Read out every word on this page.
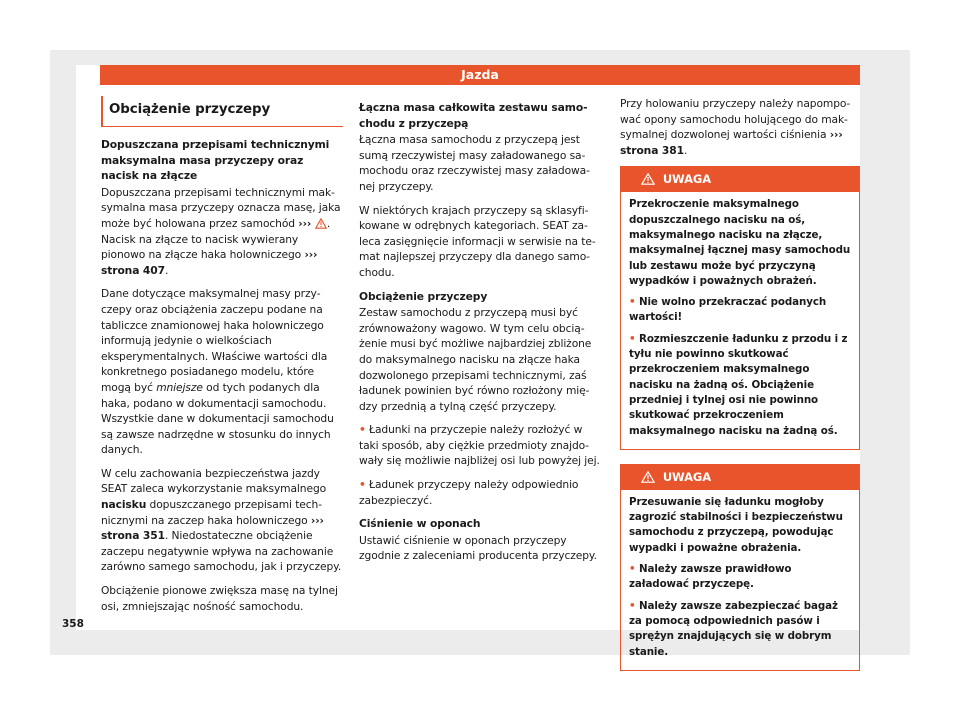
Jazda
358
Obciążenie przyczepy
Dopuszczana przepisami technicznymi maksymalna masa przyczepy oraz nacisk na złącze

Dopuszczana przepisami technicznymi maksymalna masa przyczepy oznacza masę, jaka może być holowana przez samochód ››› . Nacisk na złącze to nacisk wywierany pionowo na złącze haka holowniczego ››› strona 407.

Dane dotyczące maksymalnej masy przyczepy oraz obciążenia zaczepu podane na tabliczce znamionowej haka holowniczego informują jedynie o wielkościach eksperymentalnych. Właściwe wartości dla konkretnego posiadanego modelu, które mogą być mniejsze od tych podanych dla haka, podano w dokumentacji samochodu. Wszystkie dane w dokumentacji samochodu są zawsze nadrzędne w stosunku do innych danych.

W celu zachowania bezpieczeństwa jazdy SEAT zaleca wykorzystanie maksymalnego nacisku dopuszczanego przepisami technicznymi na zaczep haka holowniczego ››› strona 351. Niedostateczne obciążenie zaczepu negatywnie wpływa na zachowanie zarówno samego samochodu, jak i przyczepy.

Obciążenie pionowe zwiększa masę na tylnej osi, zmniejszając nośność samochodu.

Łączna masa całkowita zestawu samochodu z przyczepą

Łączna masa samochodu z przyczepą jest sumą rzeczywistej masy załadowanego samochodu oraz rzeczywistej masy załadowanej przyczepy.

W niektórych krajach przyczepy są sklasyfikowane w odrębnych kategoriach. SEAT zaleca zasięgnięcie informacji w serwisie na temat najlepszej przyczepy dla danego samochodu.

Obciążenie przyczepy

Zestaw samochodu z przyczepą musi być zrównoważony wagowo. W tym celu obciążenie musi być możliwe najbardziej zbliżone do maksymalnego nacisku na złącze haka dozwolonego przepisami technicznymi, zaś ładunek powinien być równo rozłożony między przednią a tylną część przyczepy.

• Ładunki na przyczepie należy rozłożyć w taki sposób, aby ciężkie przedmioty znajdowały się możliwie najbliżej osi lub powyżej jej.

• Ładunek przyczepy należy odpowiednio zabezpieczyć.

Ciśnienie w oponach

Ustawić ciśnienie w oponach przyczepy zgodnie z zaleceniami producenta przyczepy.

Przy holowaniu przyczepy należy napompować opony samochodu holującego do maksymalnej dozwolonej wartości ciśnienia ››› strona 381.

UWAGA

Przekroczenie maksymalnego dopuszczalnego nacisku na oś, maksymalnego nacisku na złącze, maksymalnej łącznej masy samochodu lub zestawu może być przyczyną wypadków i poważnych obrażeń.

• Nie wolno przekraczać podanych wartości!

• Rozmieszczenie ładunku z przodu i z tyłu nie powinno skutkować przekroczeniem maksymalnego nacisku na żadną oś. Obciążenie przedniej i tylnej osi nie powinno skutkować przekroczeniem maksymalnego nacisku na żadną oś.

UWAGA

Przesuwanie się ładunku mogłoby zagrozić stabilności i bezpieczeństwu samochodu z przyczepą, powodując wypadki i poważne obrażenia.

• Należy zawsze prawidłowo załadować przyczepę.

• Należy zawsze zabezpieczać bagaż za pomocą odpowiednich pasów i sprężyn znajdujących się w dobrym stanie.
